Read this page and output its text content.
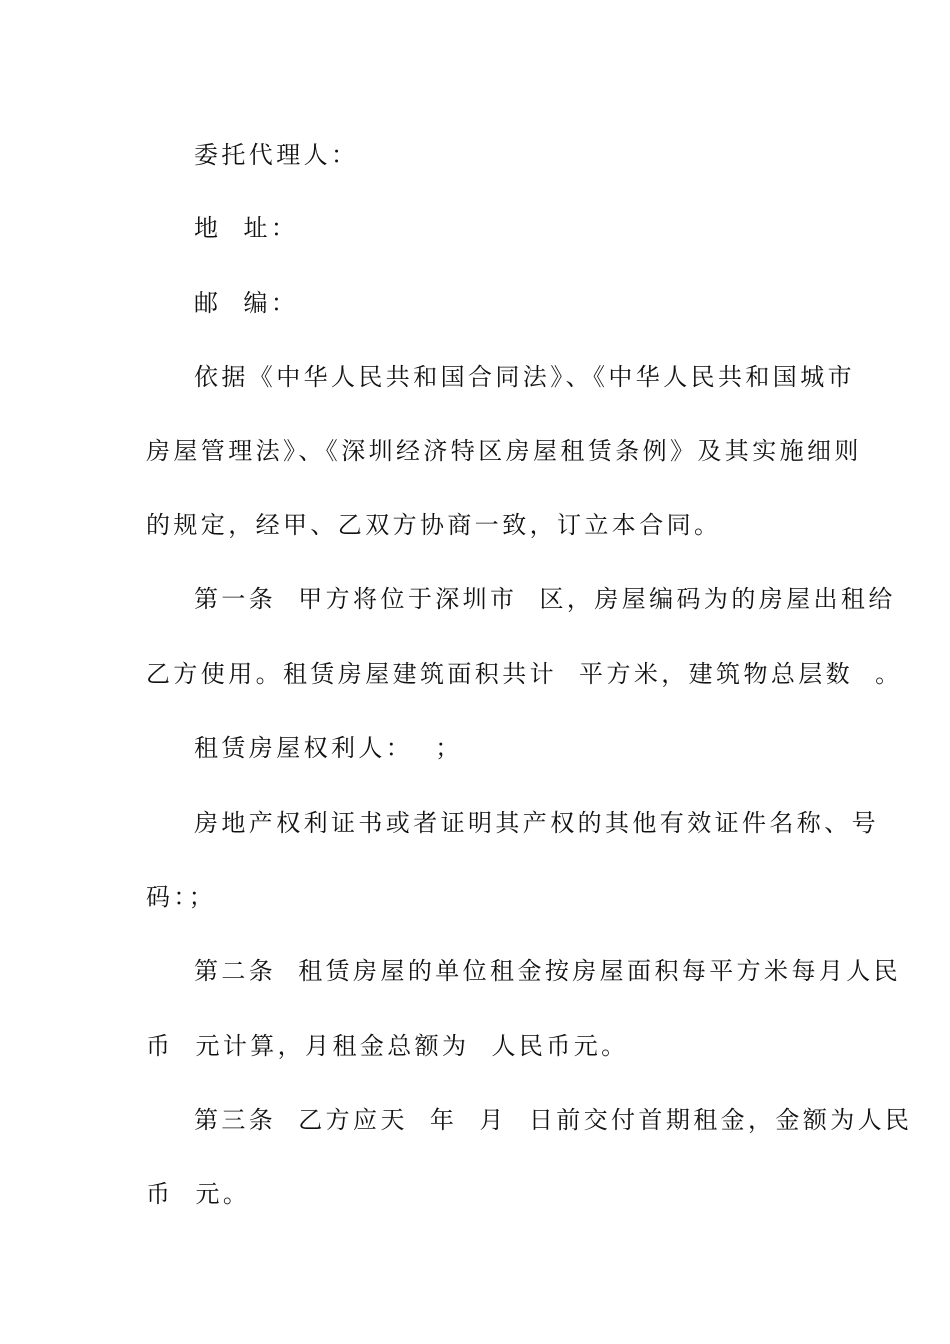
委托代理人：
地  址：
邮  编：
依据《中华人民共和国合同法》、《中华人民共和国城市
房屋管理法》、《深圳经济特区房屋租赁条例》及其实施细则
的规定，经甲、乙双方协商一致，订立本合同。
第一条  甲方将位于深圳市  区，房屋编码为的房屋出租给
乙方使用。租赁房屋建筑面积共计  平方米，建筑物总层数  。
租赁房屋权利人：  ；
房地产权利证书或者证明其产权的其他有效证件名称、号
码：；
第二条  租赁房屋的单位租金按房屋面积每平方米每月人民
币  元计算，月租金总额为  人民币元。
第三条  乙方应天  年  月  日前交付首期租金，金额为人民
币  元。
